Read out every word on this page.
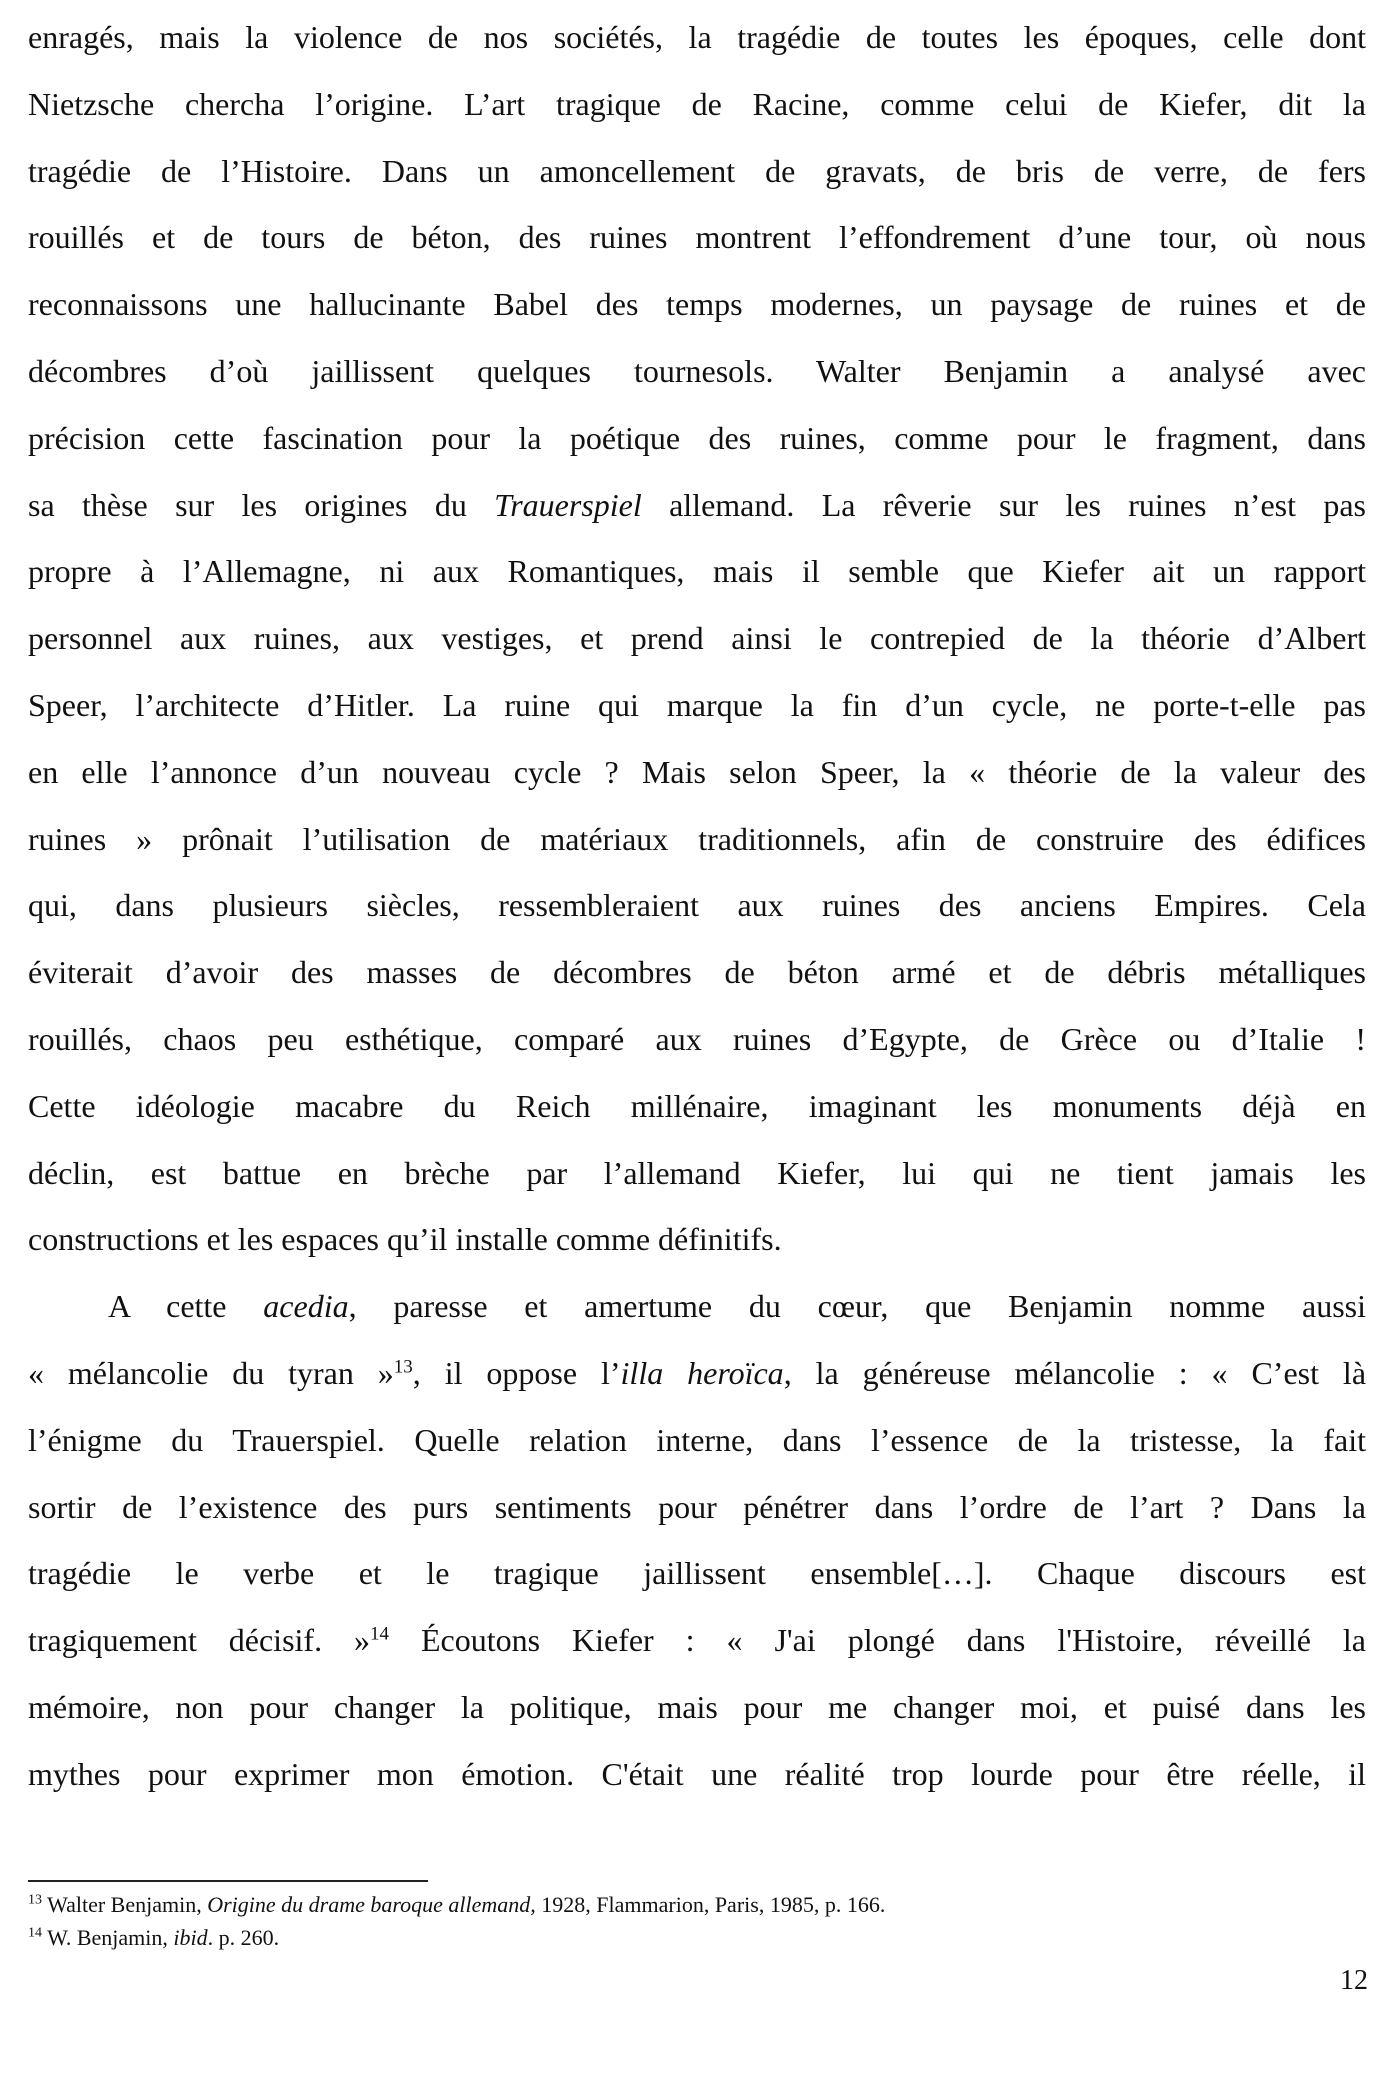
enragés, mais la violence de nos sociétés, la tragédie de toutes les époques, celle dont
Nietzsche chercha l’origine. L’art tragique de Racine, comme celui de Kiefer, dit la
tragédie de l’Histoire. Dans un amoncellement de gravats, de bris de verre, de fers
rouillés et de tours de béton, des ruines montrent l’effondrement d’une tour, où nous
reconnaissons une hallucinante Babel des temps modernes, un paysage de ruines et de
décombres d’où jaillissent quelques tournesols. Walter Benjamin a analysé avec
précision cette fascination pour la poétique des ruines, comme pour le fragment, dans
sa thèse sur les origines du Trauerspiel allemand. La rêverie sur les ruines n’est pas
propre à l’Allemagne, ni aux Romantiques, mais il semble que Kiefer ait un rapport
personnel aux ruines, aux vestiges, et prend ainsi le contrepied de la théorie d’Albert
Speer, l’architecte d’Hitler. La ruine qui marque la fin d’un cycle, ne porte-t-elle pas
en elle l’annonce d’un nouveau cycle ? Mais selon Speer, la « théorie de la valeur des
ruines » prônait l’utilisation de matériaux traditionnels, afin de construire des édifices
qui, dans plusieurs siècles, ressembleraient aux ruines des anciens Empires. Cela
éviterait d’avoir des masses de décombres de béton armé et de débris métalliques
rouillés, chaos peu esthétique, comparé aux ruines d’Egypte, de Grèce ou d’Italie !
Cette idéologie macabre du Reich millénaire, imaginant les monuments déjà en
déclin, est battue en brèche par l’allemand Kiefer, lui qui ne tient jamais les
constructions et les espaces qu’il installe comme définitifs.
A cette acedia, paresse et amertume du cœur, que Benjamin nomme aussi
« mélancolie du tyran »$^{13}$, il oppose l’illa heroïca, la généreuse mélancolie : « C’est là
l’énigme du Trauerspiel. Quelle relation interne, dans l’essence de la tristesse, la fait
sortir de l’existence des purs sentiments pour pénétrer dans l’ordre de l’art ? Dans la
tragédie le verbe et le tragique jaillissent ensemble[…]. Chaque discours est
tragiquement décisif. »$^{14}$ Écoutons Kiefer : « J'ai plongé dans l'Histoire, réveillé la
mémoire, non pour changer la politique, mais pour me changer moi, et puisé dans les
mythes pour exprimer mon émotion. C'était une réalité trop lourde pour être réelle, il
$^{13}$ Walter Benjamin, Origine du drame baroque allemand, 1928, Flammarion, Paris, 1985, p. 166.
$^{14}$ W. Benjamin, ibid. p. 260.
12
